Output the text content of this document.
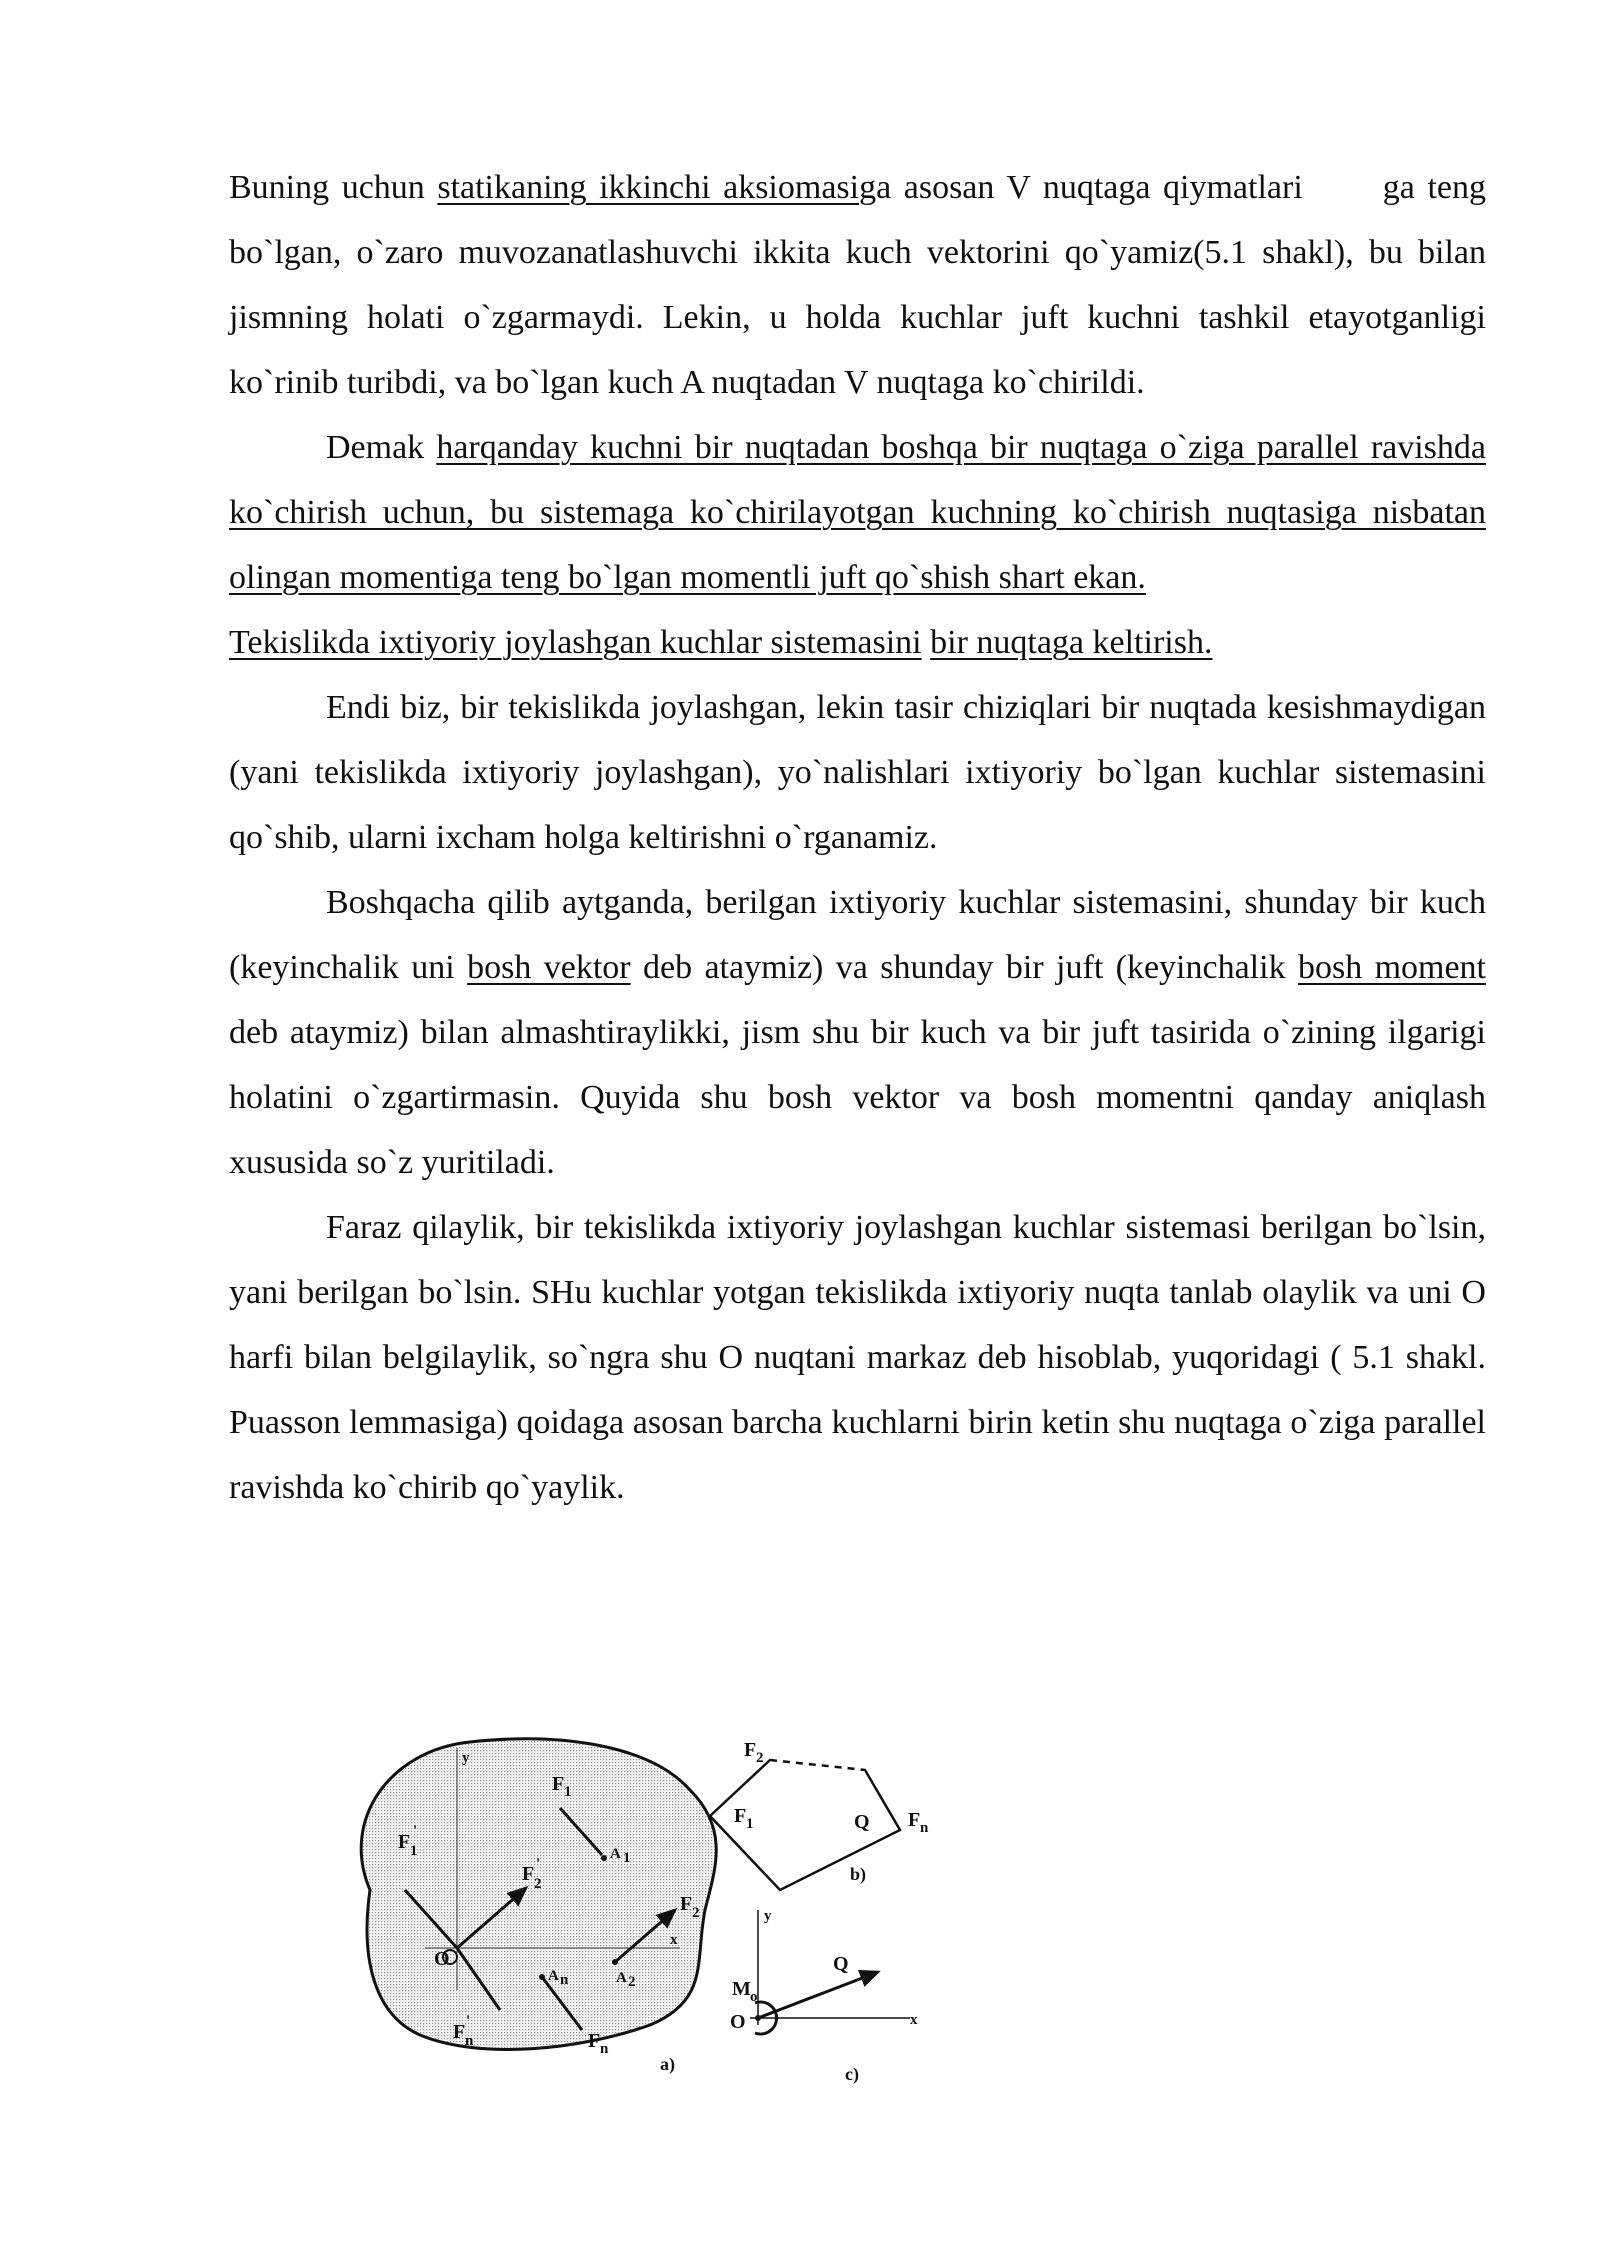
Buning uchun statikaning ikkinchi aksiomasiga asosan V nuqtaga qiymatlari ga teng bo`lgan, o`zaro muvozanatlashuvchi ikkita kuch vektorini qo`yamiz(5.1 shakl), bu bilan jismning holati o`zgarmaydi. Lekin, u holda kuchlar juft kuchni tashkil etayotganligi ko`rinib turibdi, va bo`lgan kuch A nuqtadan V nuqtaga ko`chirildi.

Demak harqanday kuchni bir nuqtadan boshqa bir nuqtaga o`ziga parallel ravishda ko`chirish uchun, bu sistemaga ko`chirilayotgan kuchning ko`chirish nuqtasiga nisbatan olingan momentiga teng bo`lgan momentli juft qo`shish shart ekan.

Tekislikda ixtiyoriy joylashgan kuchlar sistemasini bir nuqtaga keltirish.

Endi biz, bir tekislikda joylashgan, lekin tasir chiziqlari bir nuqtada kesishmaydigan (yani tekislikda ixtiyoriy joylashgan), yo`nalishlari ixtiyoriy bo`lgan kuchlar sistemasini qo`shib, ularni ixcham holga keltirishni o`rganamiz.

Boshqacha qilib aytganda, berilgan ixtiyoriy kuchlar sistemasini, shunday bir kuch (keyinchalik uni bosh vektor deb ataymiz) va shunday bir juft (keyinchalik bosh moment deb ataymiz) bilan almashtiraylikki, jism shu bir kuch va bir juft tasirida o`zining ilgarigi holatini o`zgartirmasin. Quyida shu bosh vektor va bosh momentni qanday aniqlash xususida so`z yuritiladi.

Faraz qilaylik, bir tekislikda ixtiyoriy joylashgan kuchlar sistemasi berilgan bo`lsin, yani berilgan bo`lsin. SHu kuchlar yotgan tekislikda ixtiyoriy nuqta tanlab olaylik va uni O harfi bilan belgilaylik, so`ngra shu O nuqtani markaz deb hisoblab, yuqoridagi ( 5.1 shakl. Puasson lemmasiga) qoidaga asosan barcha kuchlarni birin ketin shu nuqtaga o`ziga parallel ravishda ko`chirib qo`yaylik.

y
x
O
F 1
A 1
F 1
'
F 2
'
F 2
A 2
F n
'
A n
F n
a)
F 2
F 1	Q F n
b)
y
x
O
M o
Q
c)
